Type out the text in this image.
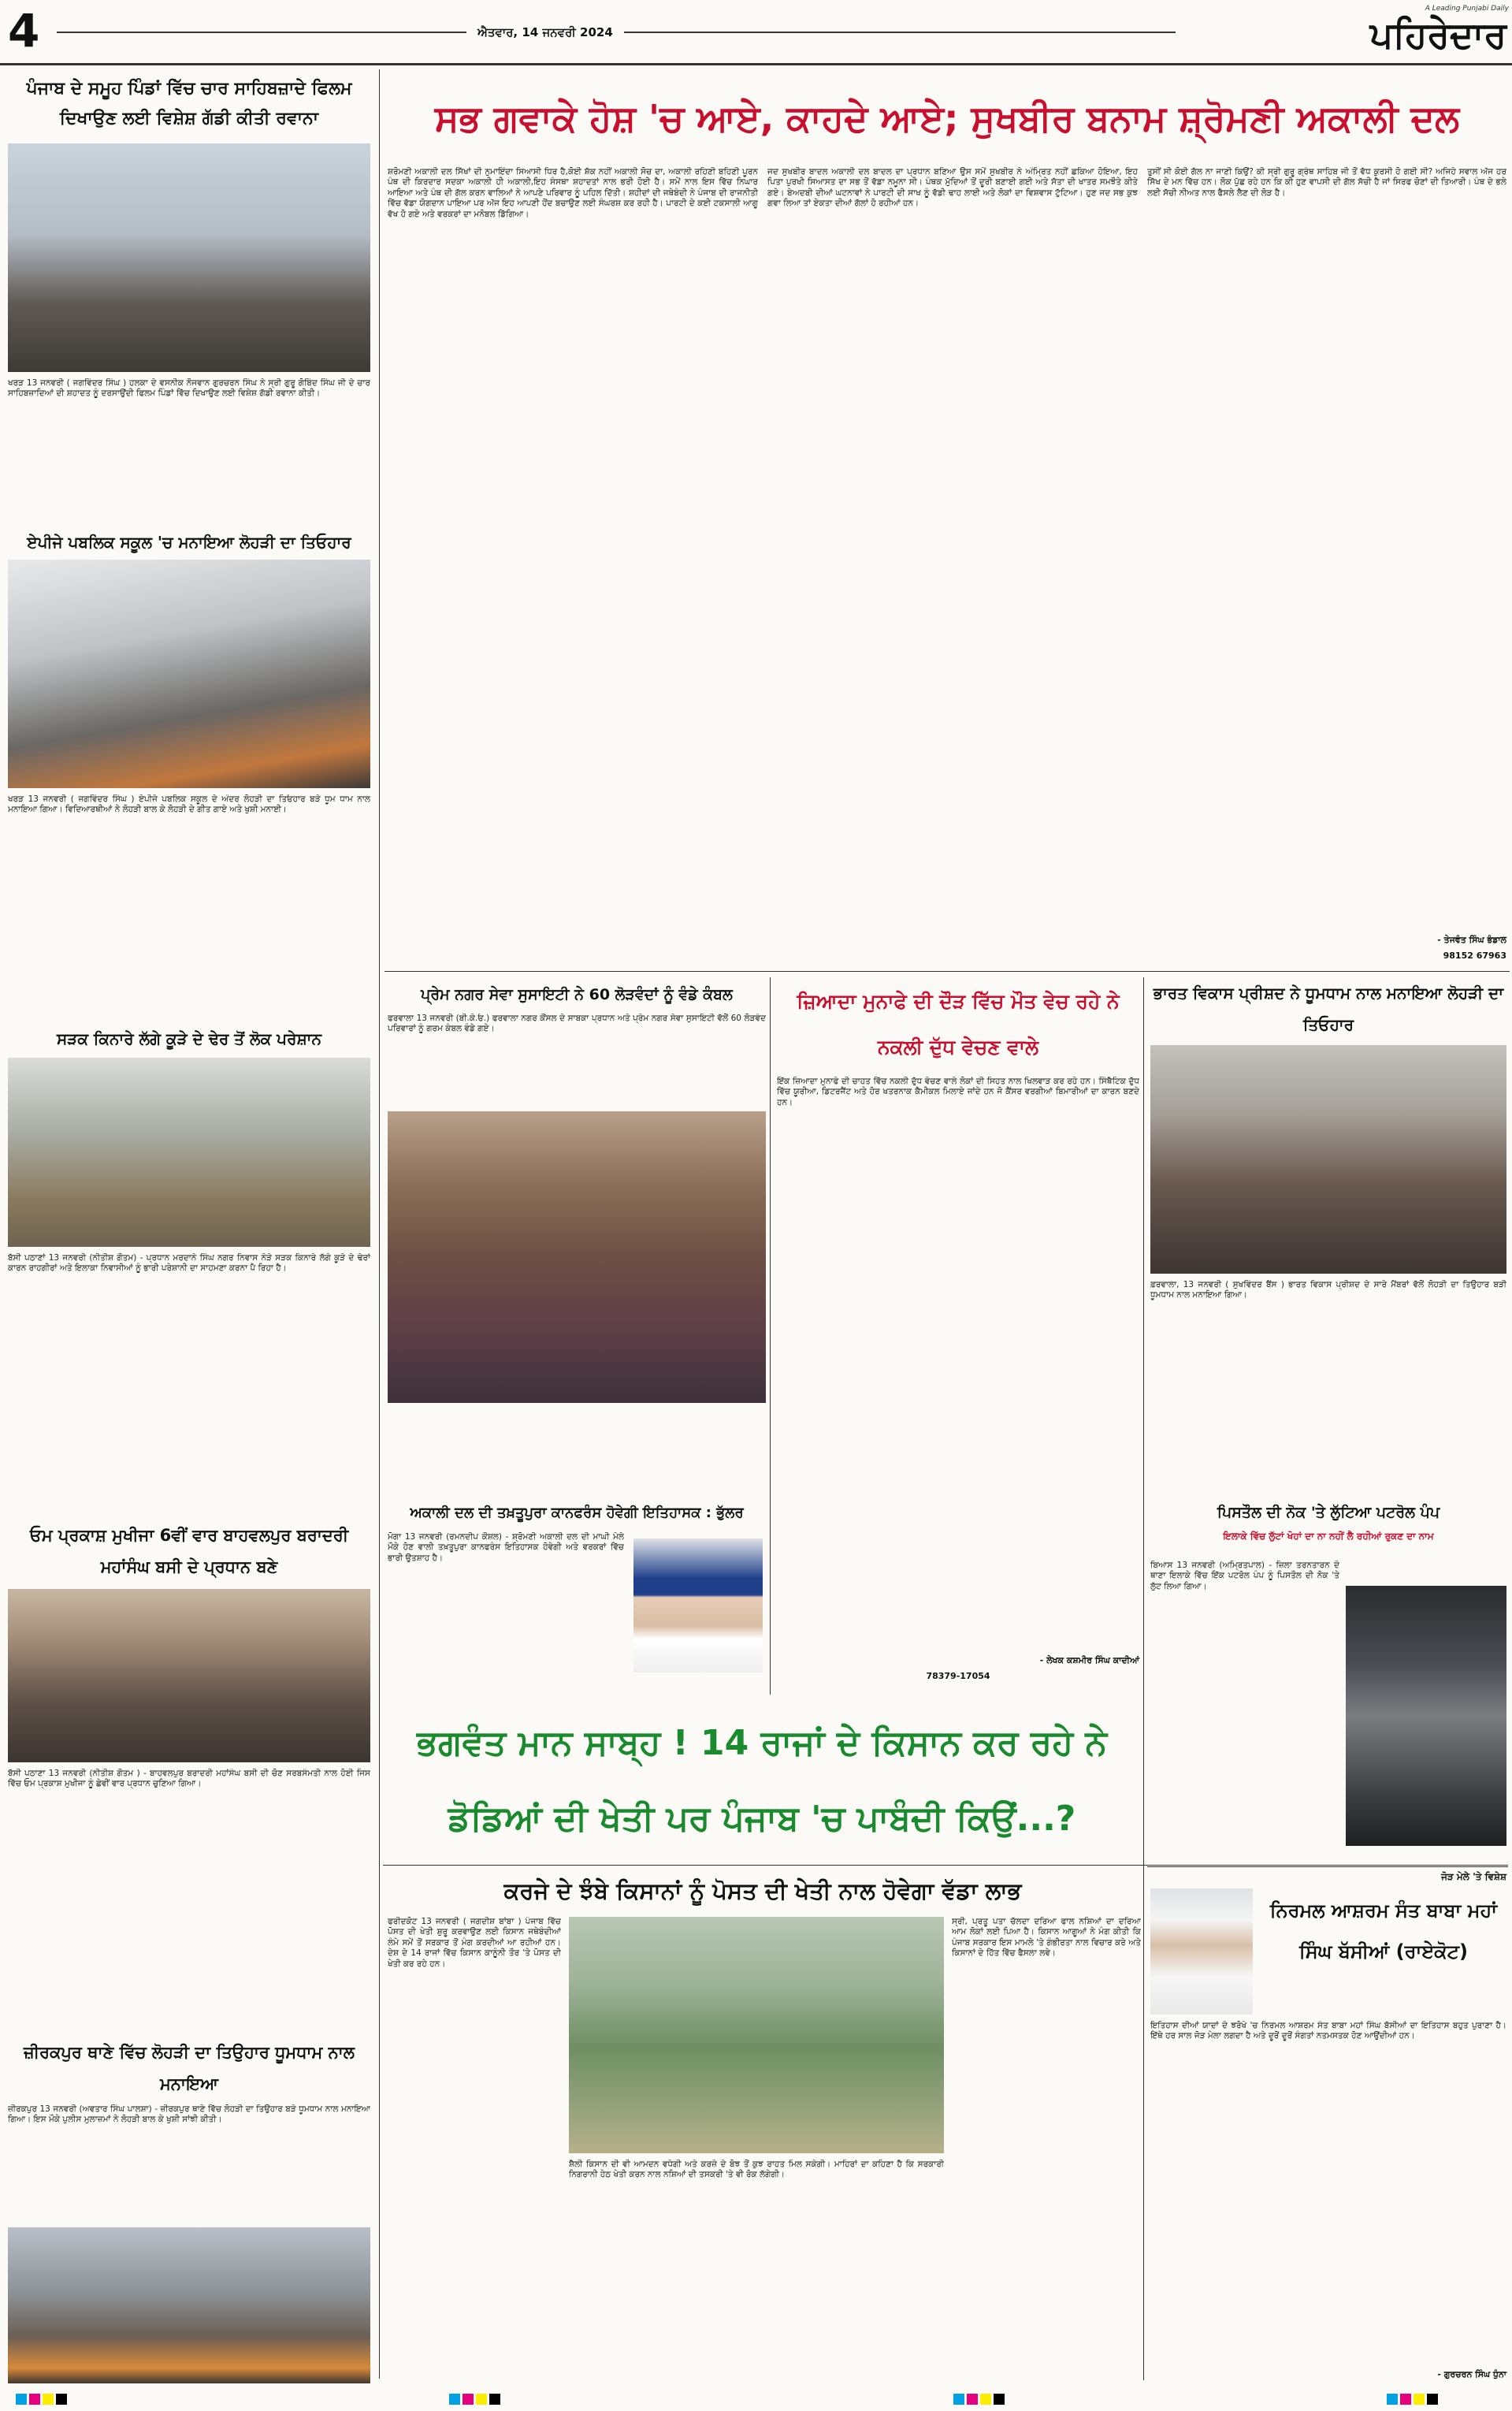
4	ਐਤਵਾਰ, 14 ਜਨਵਰੀ 2024
A Leading Punjabi Daily
ਪਹਿਰੇਦਾਰ
ਪੰਜਾਬ ਦੇ ਸਮੂਹ ਪਿੰਡਾਂ ਵਿੱਚ ਚਾਰ ਸਾਹਿਬਜ਼ਾਦੇ ਫਿਲਮ ਦਿਖਾਉਣ ਲਈ ਵਿਸ਼ੇਸ਼ ਗੱਡੀ ਕੀਤੀ ਰਵਾਨਾ
ਖਰੜ 13 ਜਨਵਰੀ ( ਜਗਵਿੰਦਰ ਸਿੰਘ ) ਹਲਕਾ ਦੇ ਵਸਨੀਕ ਨੌਜਵਾਨ ਗੁਰਚਰਨ ਸਿੰਘ ਨੇ ਸ੍ਰੀ ਗੁਰੂ ਗੋਬਿੰਦ ਸਿੰਘ ਜੀ ਦੇ ਚਾਰ ਸਾਹਿਬਜ਼ਾਦਿਆਂ ਦੀ ਸ਼ਹਾਦਤ ਨੂੰ ਦਰਸਾਉਂਦੀ ਫਿਲਮ ਪਿੰਡਾਂ ਵਿੱਚ ਦਿਖਾਉਣ ਲਈ ਵਿਸ਼ੇਸ਼ ਗੱਡੀ ਰਵਾਨਾ ਕੀਤੀ।
ਏਪੀਜੇ ਪਬਲਿਕ ਸਕੂਲ 'ਚ ਮਨਾਇਆ ਲੋਹੜੀ ਦਾ ਤਿਓਹਾਰ
ਖਰੜ 13 ਜਨਵਰੀ ( ਜਗਵਿੰਦਰ ਸਿੰਘ ) ਏਪੀਜੇ ਪਬਲਿਕ ਸਕੂਲ ਦੇ ਅੰਦਰ ਲੋਹੜੀ ਦਾ ਤਿਓਹਾਰ ਬੜੇ ਧੂਮ ਧਾਮ ਨਾਲ ਮਨਾਇਆ ਗਿਆ। ਵਿਦਿਆਰਥੀਆਂ ਨੇ ਲੋਹੜੀ ਬਾਲ ਕੇ ਲੋਹੜੀ ਦੇ ਗੀਤ ਗਾਏ ਅਤੇ ਖੁਸ਼ੀ ਮਨਾਈ।
ਸੜਕ ਕਿਨਾਰੇ ਲੱਗੇ ਕੂੜੇ ਦੇ ਢੇਰ ਤੋਂ ਲੋਕ ਪਰੇਸ਼ਾਨ
ਬੱਸੀ ਪਠਾਣਾਂ 13 ਜਨਵਰੀ (ਨੀਤੀਸ਼ ਗੌਤਮ) - ਪ੍ਰਧਾਨ ਮਰਦਾਨੇ ਸਿੰਘ ਨਗਰ ਨਿਵਾਸ ਨੇੜੇ ਸੜਕ ਕਿਨਾਰੇ ਲੱਗੇ ਕੂੜੇ ਦੇ ਢੇਰਾਂ ਕਾਰਨ ਰਾਹਗੀਰਾਂ ਅਤੇ ਇਲਾਕਾ ਨਿਵਾਸੀਆਂ ਨੂੰ ਭਾਰੀ ਪਰੇਸ਼ਾਨੀ ਦਾ ਸਾਹਮਣਾ ਕਰਨਾ ਪੈ ਰਿਹਾ ਹੈ।
ਓਮ ਪ੍ਰਕਾਸ਼ ਮੁਖੀਜਾ 6ਵੀਂ ਵਾਰ ਬਾਹਵਲਪੁਰ ਬਰਾਦਰੀ ਮਹਾਂਸੰਘ ਬਸੀ ਦੇ ਪ੍ਰਧਾਨ ਬਣੇ
ਬੱਸੀ ਪਠਾਣਾ 13 ਜਨਵਰੀ (ਨੀਤੀਸ਼ ਗੌਤਮ ) - ਬਾਹਵਲਪੁਰ ਬਰਾਦਰੀ ਮਹਾਂਸੰਘ ਬਸੀ ਦੀ ਚੋਣ ਸਰਬਸੰਮਤੀ ਨਾਲ ਹੋਈ ਜਿਸ ਵਿੱਚ ਓਮ ਪ੍ਰਕਾਸ਼ ਮੁਖੀਜਾ ਨੂੰ ਛੇਵੀਂ ਵਾਰ ਪ੍ਰਧਾਨ ਚੁਣਿਆ ਗਿਆ।
ਜ਼ੀਰਕਪੁਰ ਥਾਣੇ ਵਿੱਚ ਲੋਹੜੀ ਦਾ ਤਿਉਹਾਰ ਧੂਮਧਾਮ ਨਾਲ ਮਨਾਇਆ
ਜ਼ੀਰਕਪੁਰ 13 ਜਨਵਰੀ (ਅਵਤਾਰ ਸਿੰਘ ਪਾਲਸ਼ਾ) - ਜ਼ੀਰਕਪੁਰ ਥਾਣੇ ਵਿੱਚ ਲੋਹੜੀ ਦਾ ਤਿਉਹਾਰ ਬੜੇ ਧੂਮਧਾਮ ਨਾਲ ਮਨਾਇਆ ਗਿਆ। ਇਸ ਮੌਕੇ ਪੁਲੀਸ ਮੁਲਾਜ਼ਮਾਂ ਨੇ ਲੋਹੜੀ ਬਾਲ ਕੇ ਖੁਸ਼ੀ ਸਾਂਝੀ ਕੀਤੀ।
ਸਭ ਗਵਾਕੇ ਹੋਸ਼ 'ਚ ਆਏ, ਕਾਹਦੇ ਆਏ; ਸੁਖਬੀਰ ਬਨਾਮ ਸ਼੍ਰੋਮਣੀ ਅਕਾਲੀ ਦਲ
ਸ਼ਰੋਮਣੀ ਅਕਾਲੀ ਦਲ ਸਿੱਖਾਂ ਦੀ ਨੁਮਾਇੰਦਾ ਸਿਆਸੀ ਧਿਰ ਹੈ,ਕੋਈ ਸ਼ੱਕ ਨਹੀਂ ਅਕਾਲੀ ਸੋਚ ਦਾ, ਅਕਾਲੀ ਰਹਿਣੀ ਬਹਿਣੀ ਪੂਰਨ ਪੰਥ ਦੀ ਕਿਰਦਾਰ ਸਦਕਾ ਅਕਾਲੀ ਹੀ ਅਕਾਲੀ,ਇਹ ਸੰਸਥਾ ਸ਼ਹਾਦਤਾਂ ਨਾਲ ਭਰੀ ਹੋਈ ਹੈ। ਸਮੇਂ ਨਾਲ ਇਸ ਵਿੱਚ ਨਿਘਾਰ ਆਇਆ ਅਤੇ ਪੰਥ ਦੀ ਗੱਲ ਕਰਨ ਵਾਲਿਆਂ ਨੇ ਆਪਣੇ ਪਰਿਵਾਰ ਨੂੰ ਪਹਿਲ ਦਿੱਤੀ। ਸ਼ਹੀਦਾਂ ਦੀ ਜਥੇਬੰਦੀ ਨੇ ਪੰਜਾਬ ਦੀ ਰਾਜਨੀਤੀ ਵਿੱਚ ਵੱਡਾ ਯੋਗਦਾਨ ਪਾਇਆ ਪਰ ਅੱਜ ਇਹ ਆਪਣੀ ਹੋਂਦ ਬਚਾਉਣ ਲਈ ਸੰਘਰਸ਼ ਕਰ ਰਹੀ ਹੈ। ਪਾਰਟੀ ਦੇ ਕਈ ਟਕਸਾਲੀ ਆਗੂ ਵੱਖ ਹੋ ਗਏ ਅਤੇ ਵਰਕਰਾਂ ਦਾ ਮਨੋਬਲ ਡਿੱਗਿਆ।
ਜਦ ਸੁਖਬੀਰ ਬਾਦਲ ਅਕਾਲੀ ਦਲ ਬਾਦਲ ਦਾ ਪ੍ਰਧਾਨ ਬਣਿਆ ਉਸ ਸਮੇਂ ਸੁਖਬੀਰ ਨੇ ਅੰਮ੍ਰਿਤ ਨਹੀਂ ਛਕਿਆ ਹੋਇਆ, ਇਹ ਪਿਤਾ ਪੁਰਖੀ ਸਿਆਸਤ ਦਾ ਸਭ ਤੋਂ ਵੱਡਾ ਨਮੂਨਾ ਸੀ। ਪੰਥਕ ਮੁੱਦਿਆਂ ਤੋਂ ਦੂਰੀ ਬਣਾਈ ਗਈ ਅਤੇ ਸੱਤਾ ਦੀ ਖਾਤਰ ਸਮਝੌਤੇ ਕੀਤੇ ਗਏ। ਬੇਅਦਬੀ ਦੀਆਂ ਘਟਨਾਵਾਂ ਨੇ ਪਾਰਟੀ ਦੀ ਸਾਖ ਨੂੰ ਵੱਡੀ ਢਾਹ ਲਾਈ ਅਤੇ ਲੋਕਾਂ ਦਾ ਵਿਸ਼ਵਾਸ ਟੁੱਟਿਆ। ਹੁਣ ਜਦ ਸਭ ਕੁਝ ਗਵਾ ਲਿਆ ਤਾਂ ਏਕਤਾ ਦੀਆਂ ਗੱਲਾਂ ਹੋ ਰਹੀਆਂ ਹਨ।
ਤੁਸੀਂ ਸੀ ਕੋਈ ਗੱਲ ਨਾ ਜਾਣੀ ਕਿਉਂ? ਕੀ ਸ੍ਰੀ ਗੁਰੂ ਗ੍ਰੰਥ ਸਾਹਿਬ ਜੀ ਤੋਂ ਵੱਧ ਕੁਰਸੀ ਹੋ ਗਈ ਸੀ? ਅਜਿਹੇ ਸਵਾਲ ਅੱਜ ਹਰ ਸਿੱਖ ਦੇ ਮਨ ਵਿੱਚ ਹਨ। ਲੋਕ ਪੁੱਛ ਰਹੇ ਹਨ ਕਿ ਕੀ ਹੁਣ ਵਾਪਸੀ ਦੀ ਗੱਲ ਸੱਚੀ ਹੈ ਜਾਂ ਸਿਰਫ ਚੋਣਾਂ ਦੀ ਤਿਆਰੀ। ਪੰਥ ਦੇ ਭਲੇ ਲਈ ਸੱਚੀ ਨੀਅਤ ਨਾਲ ਫੈਸਲੇ ਲੈਣ ਦੀ ਲੋੜ ਹੈ।
- ਤੇਜਵੰਤ ਸਿੰਘ ਭੰਡਾਲ
98152 67963
ਪ੍ਰੇਮ ਨਗਰ ਸੇਵਾ ਸੁਸਾਇਟੀ ਨੇ 60 ਲੋੜਵੰਦਾਂ ਨੂੰ ਵੰਡੇ ਕੰਬਲ
ਫਰਵਾਲਾ 13 ਜਨਵਰੀ (ਬੀ.ਕੇ.ਓ.) ਫਰਵਾਲਾ ਨਗਰ ਕੌਂਸਲ ਦੇ ਸਾਬਕਾ ਪ੍ਰਧਾਨ ਅਤੇ ਪ੍ਰੇਮ ਨਗਰ ਸੇਵਾ ਸੁਸਾਇਟੀ ਵੱਲੋਂ 60 ਲੋੜਵੰਦ ਪਰਿਵਾਰਾਂ ਨੂੰ ਗਰਮ ਕੰਬਲ ਵੰਡੇ ਗਏ।
ਅਕਾਲੀ ਦਲ ਦੀ ਤਖ਼ਤੂਪੁਰਾ ਕਾਨਫਰੰਸ ਹੋਵੇਗੀ ਇਤਿਹਾਸਕ : ਭੁੱਲਰ
ਮੋਗਾ 13 ਜਨਵਰੀ (ਰਮਨਦੀਪ ਕੌਸ਼ਲ) - ਸ਼੍ਰੋਮਣੀ ਅਕਾਲੀ ਦਲ ਦੀ ਮਾਘੀ ਮੇਲੇ ਮੌਕੇ ਹੋਣ ਵਾਲੀ ਤਖ਼ਤੂਪੁਰਾ ਕਾਨਫਰੰਸ ਇਤਿਹਾਸਕ ਹੋਵੇਗੀ ਅਤੇ ਵਰਕਰਾਂ ਵਿੱਚ ਭਾਰੀ ਉਤਸ਼ਾਹ ਹੈ।
ਜ਼ਿਆਦਾ ਮੁਨਾਫੇ ਦੀ ਦੌੜ ਵਿੱਚ ਮੌਤ ਵੇਚ ਰਹੇ ਨੇ ਨਕਲੀ ਦੁੱਧ ਵੇਚਣ ਵਾਲੇ
ਇੱਕ ਜ਼ਿਆਦਾ ਮੁਨਾਫੇ ਦੀ ਚਾਹਤ ਵਿੱਚ ਨਕਲੀ ਦੁੱਧ ਵੇਚਣ ਵਾਲੇ ਲੋਕਾਂ ਦੀ ਸਿਹਤ ਨਾਲ ਖਿਲਵਾੜ ਕਰ ਰਹੇ ਹਨ। ਸਿੰਥੈਟਿਕ ਦੁੱਧ ਵਿੱਚ ਯੂਰੀਆ, ਡਿਟਰਜੈਂਟ ਅਤੇ ਹੋਰ ਖਤਰਨਾਕ ਕੈਮੀਕਲ ਮਿਲਾਏ ਜਾਂਦੇ ਹਨ ਜੋ ਕੈਂਸਰ ਵਰਗੀਆਂ ਬਿਮਾਰੀਆਂ ਦਾ ਕਾਰਨ ਬਣਦੇ ਹਨ।
- ਲੇਖਕ ਕਸ਼ਮੀਰ ਸਿੰਘ ਕਾਦੀਆਂ
78379-17054
ਭਾਰਤ ਵਿਕਾਸ ਪ੍ਰੀਸ਼ਦ ਨੇ ਧੂਮਧਾਮ ਨਾਲ ਮਨਾਇਆ ਲੋਹੜੀ ਦਾ ਤਿਓਹਾਰ
ਫ਼ਰਵਾਲਾ, 13 ਜਨਵਰੀ ( ਸੁਖਵਿੰਦਰ ਬੈਂਸ ) ਭਾਰਤ ਵਿਕਾਸ ਪ੍ਰੀਸ਼ਦ ਦੇ ਸਾਰੇ ਮੈਂਬਰਾਂ ਵੱਲੋਂ ਲੋਹੜੀ ਦਾ ਤਿਉਹਾਰ ਬੜੀ ਧੂਮਧਾਮ ਨਾਲ ਮਨਾਇਆ ਗਿਆ।
ਪਿਸਤੌਲ ਦੀ ਨੋਕ 'ਤੇ ਲੁੱਟਿਆ ਪਟਰੋਲ ਪੰਪ
ਇਲਾਕੇ ਵਿੱਚ ਲੁੱਟਾਂ ਖੋਹਾਂ ਦਾ ਨਾ ਨਹੀਂ ਲੈ ਰਹੀਆਂ ਰੁਕਣ ਦਾ ਨਾਮ
ਬਿਆਸ 13 ਜਨਵਰੀ (ਅਮ੍ਰਿਤਪਾਲ) - ਜ਼ਿਲਾ ਤਰਨਤਾਰਨ ਦੇ ਥਾਣਾ ਇਲਾਕੇ ਵਿੱਚ ਇੱਕ ਪਟਰੋਲ ਪੰਪ ਨੂੰ ਪਿਸਤੌਲ ਦੀ ਨੋਕ 'ਤੇ ਲੁੱਟ ਲਿਆ ਗਿਆ।
ਭਗਵੰਤ ਮਾਨ ਸਾਬ੍ਹ ! 14 ਰਾਜਾਂ ਦੇ ਕਿਸਾਨ ਕਰ ਰਹੇ ਨੇ
ਡੋਡਿਆਂ ਦੀ ਖੇਤੀ ਪਰ ਪੰਜਾਬ 'ਚ ਪਾਬੰਦੀ ਕਿਉਂ...?
ਕਰਜੇ ਦੇ ਝੰਬੇ ਕਿਸਾਨਾਂ ਨੂੰ ਪੋਸਤ ਦੀ ਖੇਤੀ ਨਾਲ ਹੋਵੇਗਾ ਵੱਡਾ ਲਾਭ
ਫਰੀਦਕੋਟ 13 ਜਨਵਰੀ ( ਜਗਦੀਸ਼ ਬਾਂਬਾ ) ਪੰਜਾਬ ਵਿੱਚ ਪੋਸਤ ਦੀ ਖੇਤੀ ਸ਼ੁਰੂ ਕਰਵਾਉਣ ਲਈ ਕਿਸਾਨ ਜਥੇਬੰਦੀਆਂ ਲੰਮੇ ਸਮੇਂ ਤੋਂ ਸਰਕਾਰ ਤੋਂ ਮੰਗ ਕਰਦੀਆਂ ਆ ਰਹੀਆਂ ਹਨ। ਦੇਸ਼ ਦੇ 14 ਰਾਜਾਂ ਵਿੱਚ ਕਿਸਾਨ ਕਾਨੂੰਨੀ ਤੌਰ 'ਤੇ ਪੋਸਤ ਦੀ ਖੇਤੀ ਕਰ ਰਹੇ ਹਨ।
ਸ਼ੈਲੀ ਕਿਸਾਨ ਦੀ ਵੀ ਆਮਦਨ ਵਧੇਗੀ ਅਤੇ ਕਰਜ਼ੇ ਦੇ ਬੋਝ ਤੋਂ ਕੁਝ ਰਾਹਤ ਮਿਲ ਸਕੇਗੀ। ਮਾਹਿਰਾਂ ਦਾ ਕਹਿਣਾ ਹੈ ਕਿ ਸਰਕਾਰੀ ਨਿਗਰਾਨੀ ਹੇਠ ਖੇਤੀ ਕਰਨ ਨਾਲ ਨਸ਼ਿਆਂ ਦੀ ਤਸਕਰੀ 'ਤੇ ਵੀ ਰੋਕ ਲੱਗੇਗੀ।
ਸ੍ਰੀ, ਪ੍ਰਤੂ ਪਤਾ ਚੱਲਦਾ ਦਰਿਆ ਫਾਲ ਨਸ਼ਿਆਂ ਦਾ ਦਰਿਆ ਆਮ ਲੋਕਾਂ ਲਈ ਪਿਆ ਹੈ। ਕਿਸਾਨ ਆਗੂਆਂ ਨੇ ਮੰਗ ਕੀਤੀ ਕਿ ਪੰਜਾਬ ਸਰਕਾਰ ਇਸ ਮਾਮਲੇ 'ਤੇ ਗੰਭੀਰਤਾ ਨਾਲ ਵਿਚਾਰ ਕਰੇ ਅਤੇ ਕਿਸਾਨਾਂ ਦੇ ਹਿੱਤ ਵਿੱਚ ਫੈਸਲਾ ਲਵੇ।
ਜੋੜ ਮੇਲੇ 'ਤੇ ਵਿਸ਼ੇਸ਼
ਨਿਰਮਲ ਆਸ਼ਰਮ ਸੰਤ ਬਾਬਾ ਮਹਾਂ ਸਿੰਘ ਬੱਸੀਆਂ (ਰਾਏਕੋਟ)
ਇਤਿਹਾਸ ਦੀਆਂ ਯਾਦਾਂ ਦੇ ਝਰੋਖੇ 'ਚ ਨਿਰਮਲ ਆਸ਼ਰਮ ਸੰਤ ਬਾਬਾ ਮਹਾਂ ਸਿੰਘ ਬੱਸੀਆਂ ਦਾ ਇਤਿਹਾਸ ਬਹੁਤ ਪੁਰਾਣਾ ਹੈ। ਇੱਥੇ ਹਰ ਸਾਲ ਜੋੜ ਮੇਲਾ ਲਗਦਾ ਹੈ ਅਤੇ ਦੂਰੋਂ ਦੂਰੋਂ ਸੰਗਤਾਂ ਨਤਮਸਤਕ ਹੋਣ ਆਉਂਦੀਆਂ ਹਨ।
- ਗੁਰਚਰਨ ਸਿੰਘ ਧੁੰਨਾ
